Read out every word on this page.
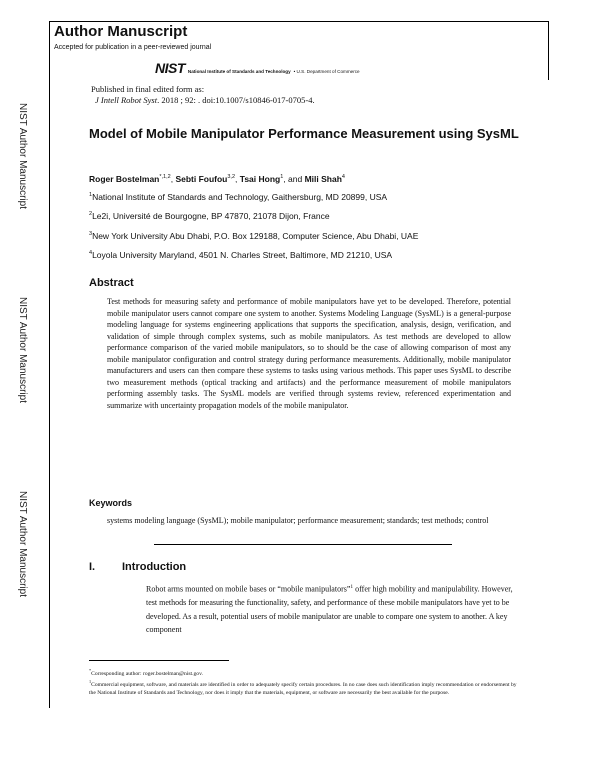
Author Manuscript
Accepted for publication in a peer-reviewed journal
NIST National Institute of Standards and Technology • U.S. Department of Commerce
NIST Author Manuscript
NIST Author Manuscript
NIST Author Manuscript
Published in final edited form as:
J Intell Robot Syst. 2018 ; 92: . doi:10.1007/s10846-017-0705-4.
Model of Mobile Manipulator Performance Measurement using SysML
Roger Bostelman$^{*,1,2}$, Sebti Foufou$^{3,2}$, Tsai Hong$^1$, and Mili Shah$^4$
$^1$National Institute of Standards and Technology, Gaithersburg, MD 20899, USA
$^2$Le2i, Université de Bourgogne, BP 47870, 21078 Dijon, France
$^3$New York University Abu Dhabi, P.O. Box 129188, Computer Science, Abu Dhabi, UAE
$^4$Loyola University Maryland, 4501 N. Charles Street, Baltimore, MD 21210, USA
Abstract
Test methods for measuring safety and performance of mobile manipulators have yet to be developed. Therefore, potential mobile manipulator users cannot compare one system to another. Systems Modeling Language (SysML) is a general-purpose modeling language for systems engineering applications that supports the specification, analysis, design, verification, and validation of simple through complex systems, such as mobile manipulators. As test methods are developed to allow performance comparison of the varied mobile manipulators, so to should be the case of allowing comparison of most any mobile manipulator configuration and control strategy during performance measurements. Additionally, mobile manipulator manufacturers and users can then compare these systems to tasks using various methods. This paper uses SysML to describe two measurement methods (optical tracking and artifacts) and the performance measurement of mobile manipulators performing assembly tasks. The SysML models are verified through systems review, referenced experimentation and summarize with uncertainty propagation models of the mobile manipulator.
Keywords
systems modeling language (SysML); mobile manipulator; performance measurement; standards; test methods; control
I. Introduction
Robot arms mounted on mobile bases or “mobile manipulators”$^1$ offer high mobility and manipulability. However, test methods for measuring the functionality, safety, and performance of these mobile manipulators have yet to be developed. As a result, potential users of mobile manipulator are unable to compare one system to another. A key component
*Corresponding author: roger.bostelman@nist.gov.
$^1$Commercial equipment, software, and materials are identified in order to adequately specify certain procedures. In no case does such identification imply recommendation or endorsement by the National Institute of Standards and Technology, nor does it imply that the materials, equipment, or software are necessarily the best available for the purpose.
